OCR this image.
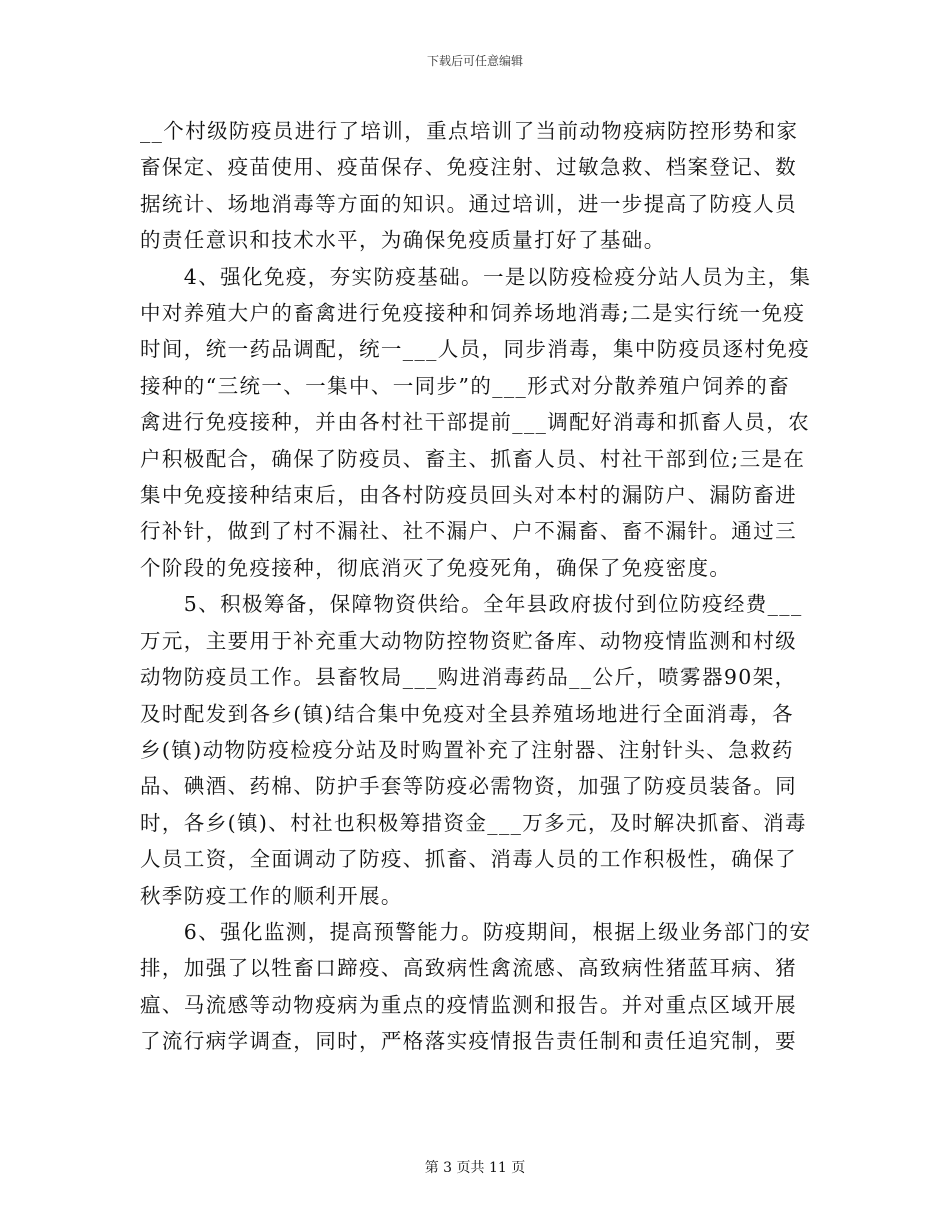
下载后可任意编辑

__个村级防疫员进行了培训，重点培训了当前动物疫病防控形势和家
畜保定、疫苗使用、疫苗保存、免疫注射、过敏急救、档案登记、数
据统计、场地消毒等方面的知识。通过培训，进一步提高了防疫人员
的责任意识和技术水平，为确保免疫质量打好了基础。

　　4、强化免疫，夯实防疫基础。一是以防疫检疫分站人员为主，集
中对养殖大户的畜禽进行免疫接种和饲养场地消毒;二是实行统一免疫
时间，统一药品调配，统一___人员，同步消毒，集中防疫员逐村免疫
接种的“三统一、一集中、一同步”的___形式对分散养殖户饲养的畜
禽进行免疫接种，并由各村社干部提前___调配好消毒和抓畜人员，农
户积极配合，确保了防疫员、畜主、抓畜人员、村社干部到位;三是在
集中免疫接种结束后，由各村防疫员回头对本村的漏防户、漏防畜进
行补针，做到了村不漏社、社不漏户、户不漏畜、畜不漏针。通过三
个阶段的免疫接种，彻底消灭了免疫死角，确保了免疫密度。

　　5、积极筹备，保障物资供给。全年县政府拔付到位防疫经费___
万元，主要用于补充重大动物防控物资贮备库、动物疫情监测和村级
动物防疫员工作。县畜牧局___购进消毒药品__公斤，喷雾器90架，
及时配发到各乡(镇)结合集中免疫对全县养殖场地进行全面消毒，各
乡(镇)动物防疫检疫分站及时购置补充了注射器、注射针头、急救药
品、碘酒、药棉、防护手套等防疫必需物资，加强了防疫员装备。同
时，各乡(镇)、村社也积极筹措资金___万多元，及时解决抓畜、消毒
人员工资，全面调动了防疫、抓畜、消毒人员的工作积极性，确保了
秋季防疫工作的顺利开展。

　　6、强化监测，提高预警能力。防疫期间，根据上级业务部门的安
排，加强了以牲畜口蹄疫、高致病性禽流感、高致病性猪蓝耳病、猪
瘟、马流感等动物疫病为重点的疫情监测和报告。并对重点区域开展
了流行病学调查，同时，严格落实疫情报告责任制和责任追究制，要

第 3 页共 11 页
